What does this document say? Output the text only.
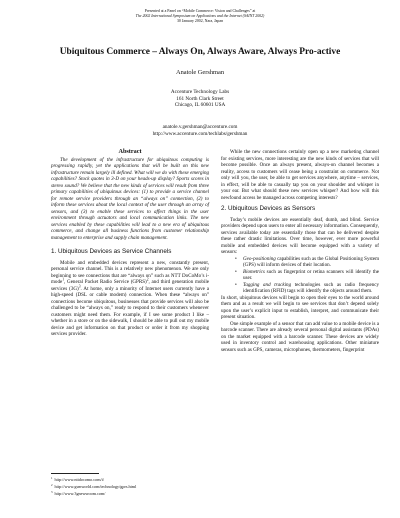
Presented at a Panel on “Mobile Commerce: Vision and Challenges” at
The 2002 International Symposium on Applications and the Internet (SAINT 2002)
30 January 2002, Nara, Japan
Ubiquitous Commerce – Always On, Always Aware, Always Pro-active
Anatole Gershman
Accenture Technology Labs
161 North Clark Street
Chicago, IL 60601 USA
anatole.v.gershman@accenture.com
http://www.accenture.com/techlabs/gershman
Abstract

The development of the infrastructure for ubiquitous computing is progressing rapidly, yet the applications that will be built on this new infrastructure remain largely ill defined. What will we do with these emerging capabilities? Stock quotes in 3-D on your heads-up display? Sports scores in stereo sound? We believe that the new kinds of services will result from three primary capabilities of ubiquitous devices: (1) to provide a service channel for remote service providers through an “always on” connection, (2) to inform these services about the local context of the user through an array of sensors, and (3) to enable these services to affect things in the user environment through actuators and local communication links. The new services enabled by these capabilities will lead to a new era of ubiquitous commerce, and change all business functions from customer relationship management to enterprise and supply chain management.

1. Ubiquitous Devices as Service Channels

Mobile and embedded devices represent a new, constantly present, personal service channel. This is a relatively new phenomenon. We are only beginning to see connections that are “always on” such as NTT DoCoMo’s i-mode$^1$, General Packet Radio Service (GPRS)$^2$, and third generation mobile services $(3G)^3$. At home, only a minority of Internet users currently have a high-speed (DSL or cable modem) connection. When these “always on” connections become ubiquitous, businesses that provide services will also be challenged to be “always on,” ready to respond to their customers whenever customers might need them. For example, if I see some product I like – whether in a store or on the sidewalk, I should be able to pull out my mobile device and get information on that product or order it from my shopping services provider.

While the new connections certainly open up a new marketing channel for existing services, more interesting are the new kinds of services that will become possible. Once an always present, always-on channel becomes a reality, access to customers will cease being a constraint on commerce. Not only will you, the user, be able to get services anywhere, anytime – services, in effect, will be able to casually tap you on your shoulder and whisper in your ear. But what should these new services whisper? And how will this newfound access be managed across competing interests?

2. Ubiquitous Devices as Sensors

Today’s mobile devices are essentially deaf, dumb, and blind. Service providers depend upon users to enter all necessary information. Consequently, services available today are essentially those that can be delivered despite these rather drastic limitations. Over time, however, ever more powerful mobile and embedded devices will become equipped with a variety of sensors:

• Geo-positioning capabilities such as the Global Positioning System (GPS) will inform devices of their location.
• Biometrics such as fingerprint or retina scanners will identify the user.
• Tagging and tracking technologies such as radio frequency identification (RFID) tags will identify the objects around them.

In short, ubiquitous devices will begin to open their eyes to the world around them and as a result we will begin to see services that don’t depend solely upon the user’s explicit input to establish, interpret, and communicate their present situation.

One simple example of a sensor that can add value to a mobile device is a barcode scanner. There are already several personal digital assistants (PDAs) on the market equipped with a barcode scanner. These devices are widely used in inventory control and warehousing applications. Other miniature sensors such as GPS, cameras, microphones, thermometers, fingerprint

$^1$ http://www.nttdocomo.com/i/
$^2$ http://www.gsmworld.com/technology/gprs.html
$^3$ http://www.3gnewsroom.com/
